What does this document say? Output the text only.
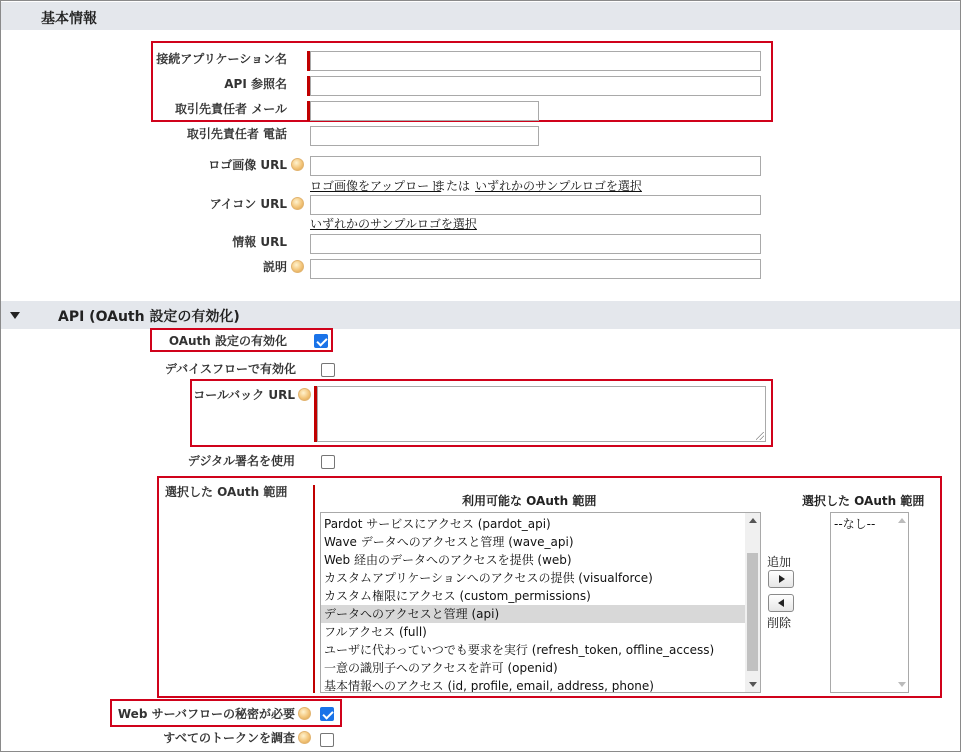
基本情報
接続アプリケーション名
API 参照名
取引先責任者 メール
取引先責任者 電話
ロゴ画像 URL
ロゴ画像をアップロード
または いずれかのサンプルロゴを選択
アイコン URL
いずれかのサンプルロゴを選択
情報 URL
説明
API (OAuth 設定の有効化)
OAuth 設定の有効化
デバイスフローで有効化
コールバック URL
デジタル署名を使用
選択した OAuth 範囲
利用可能な OAuth 範囲	選択した OAuth 範囲
Pardot サービスにアクセス (pardot_api)
Wave データへのアクセスと管理 (wave_api)
Web 経由のデータへのアクセスを提供 (web)
カスタムアプリケーションへのアクセスの提供 (visualforce)
カスタム権限にアクセス (custom_permissions)
データへのアクセスと管理 (api)
フルアクセス (full)
ユーザに代わっていつでも要求を実行 (refresh_token, offline_access)
一意の識別子へのアクセスを許可 (openid)
基本情報へのアクセス (id, profile, email, address, phone)
追加
削除
--なし--
Web サーバフローの秘密が必要
すべてのトークンを調査
